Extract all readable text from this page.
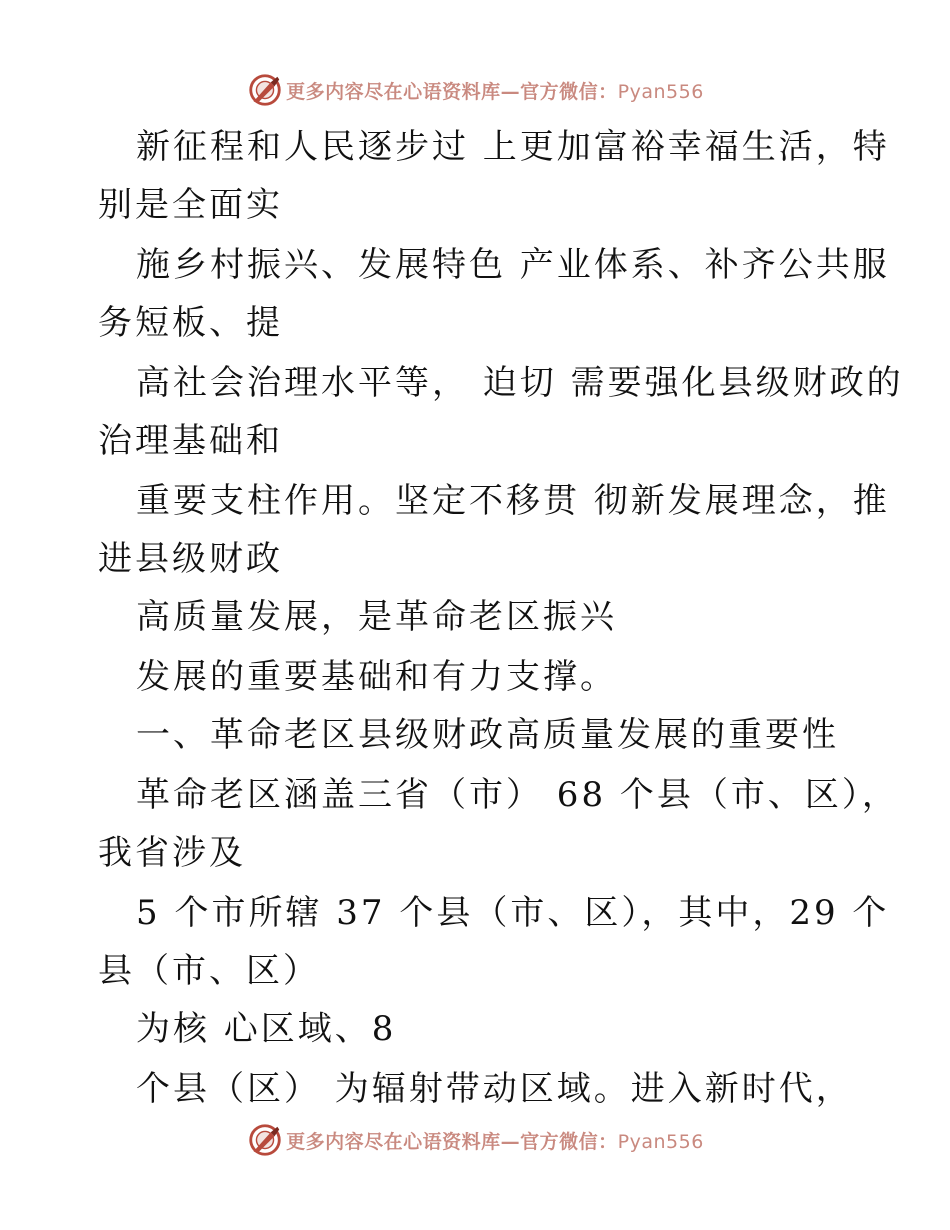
更多内容尽在心语资料库—官方微信：Pyan556
新征程和人民逐步过 上更加富裕幸福生活，特
别是全面实
施乡村振兴、发展特色 产业体系、补齐公共服
务短板、提
高社会治理水平等， 迫切 需要强化县级财政的
治理基础和
重要支柱作用。坚定不移贯 彻新发展理念，推
进县级财政
高质量发展，是革命老区振兴
发展的重要基础和有力支撑。
一、革命老区县级财政高质量发展的重要性
革命老区涵盖三省（市） 68 个县（市、区），
我省涉及
5 个市所辖 37 个县（市、区），其中，29 个
县（市、区）
为核 心区域、8
个县（区） 为辐射带动区域。进入新时代，
更多内容尽在心语资料库—官方微信：Pyan556
